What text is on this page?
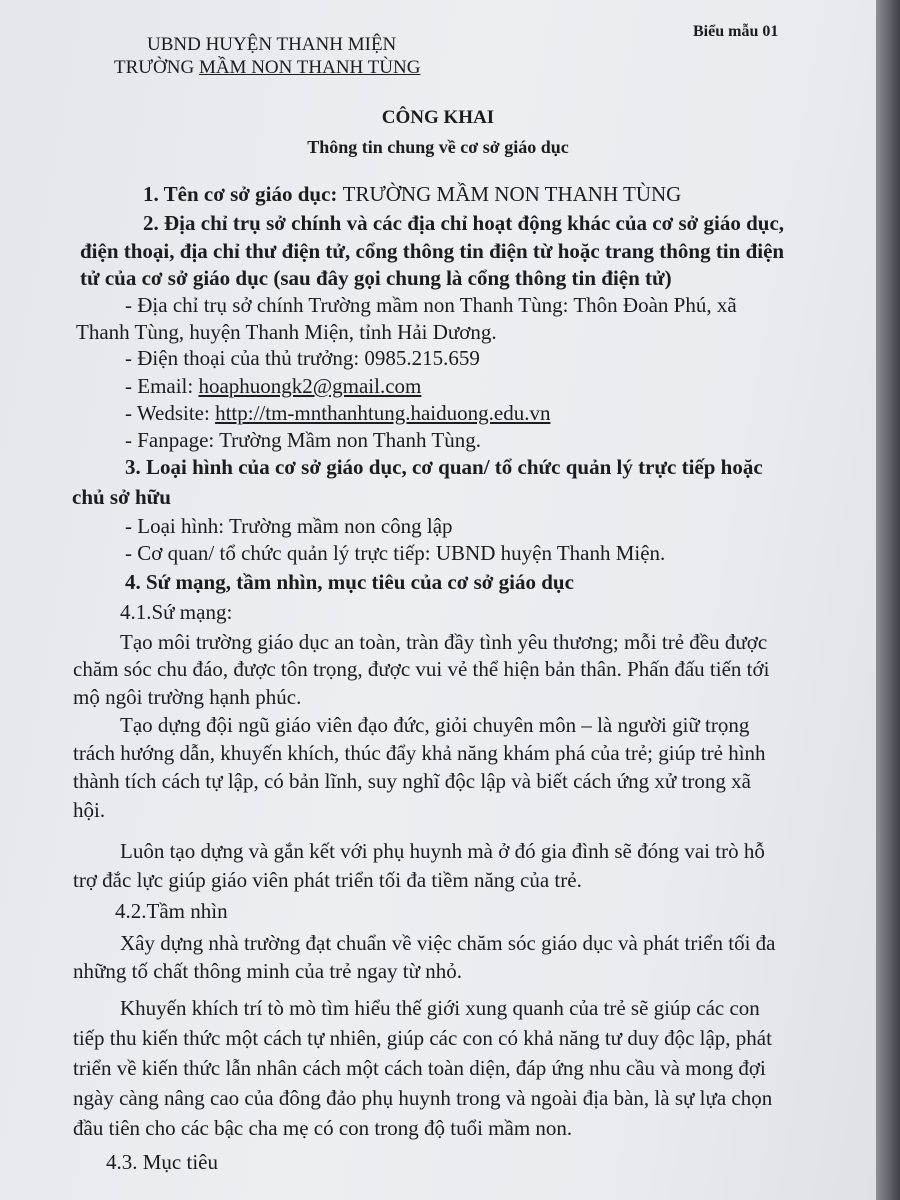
UBND HUYỆN THANH MIỆN
TRƯỜNG MẦM NON THANH TÙNG
Biểu mẫu 01
CÔNG KHAI
Thông tin chung về cơ sở giáo dục
1. Tên cơ sở giáo dục: TRƯỜNG MẦM NON THANH TÙNG
2. Địa chỉ trụ sở chính và các địa chỉ hoạt động khác của cơ sở giáo dục,
điện thoại, địa chỉ thư điện tử, cổng thông tin điện từ hoặc trang thông tin điện
tử của cơ sở giáo dục (sau đây gọi chung là cổng thông tin điện tử)
- Địa chỉ trụ sở chính Trường mầm non Thanh Tùng: Thôn Đoàn Phú, xã
Thanh Tùng, huyện Thanh Miện, tỉnh Hải Dương.
- Điện thoại của thủ trưởng: 0985.215.659
- Email: hoaphuongk2@gmail.com
- Wedsite: http://tm-mnthanhtung.haiduong.edu.vn
- Fanpage: Trường Mầm non Thanh Tùng.
3. Loại hình của cơ sở giáo dục, cơ quan/ tổ chức quản lý trực tiếp hoặc
chủ sở hữu
- Loại hình: Trường mầm non công lập
- Cơ quan/ tổ chức quản lý trực tiếp: UBND huyện Thanh Miện.
4. Sứ mạng, tầm nhìn, mục tiêu của cơ sở giáo dục
4.1.Sứ mạng:
Tạo môi trường giáo dục an toàn, tràn đầy tình yêu thương; mỗi trẻ đều được
chăm sóc chu đáo, được tôn trọng, được vui vẻ thể hiện bản thân. Phấn đấu tiến tới
mộ ngôi trường hạnh phúc.
Tạo dựng đội ngũ giáo viên đạo đức, giỏi chuyên môn – là người giữ trọng
trách hướng dẫn, khuyến khích, thúc đẩy khả năng khám phá của trẻ; giúp trẻ hình
thành tích cách tự lập, có bản lĩnh, suy nghĩ độc lập và biết cách ứng xử trong xã
hội.
Luôn tạo dựng và gắn kết với phụ huynh mà ở đó gia đình sẽ đóng vai trò hỗ
trợ đắc lực giúp giáo viên phát triển tối đa tiềm năng của trẻ.
4.2.Tầm nhìn
Xây dựng nhà trường đạt chuẩn về việc chăm sóc giáo dục và phát triển tối đa
những tố chất thông minh của trẻ ngay từ nhỏ.
Khuyến khích trí tò mò tìm hiểu thế giới xung quanh của trẻ sẽ giúp các con
tiếp thu kiến thức một cách tự nhiên, giúp các con có khả năng tư duy độc lập, phát
triển về kiến thức lẫn nhân cách một cách toàn diện, đáp ứng nhu cầu và mong đợi
ngày càng nâng cao của đông đảo phụ huynh trong và ngoài địa bàn, là sự lựa chọn
đầu tiên cho các bậc cha mẹ có con trong độ tuổi mầm non.
4.3. Mục tiêu
